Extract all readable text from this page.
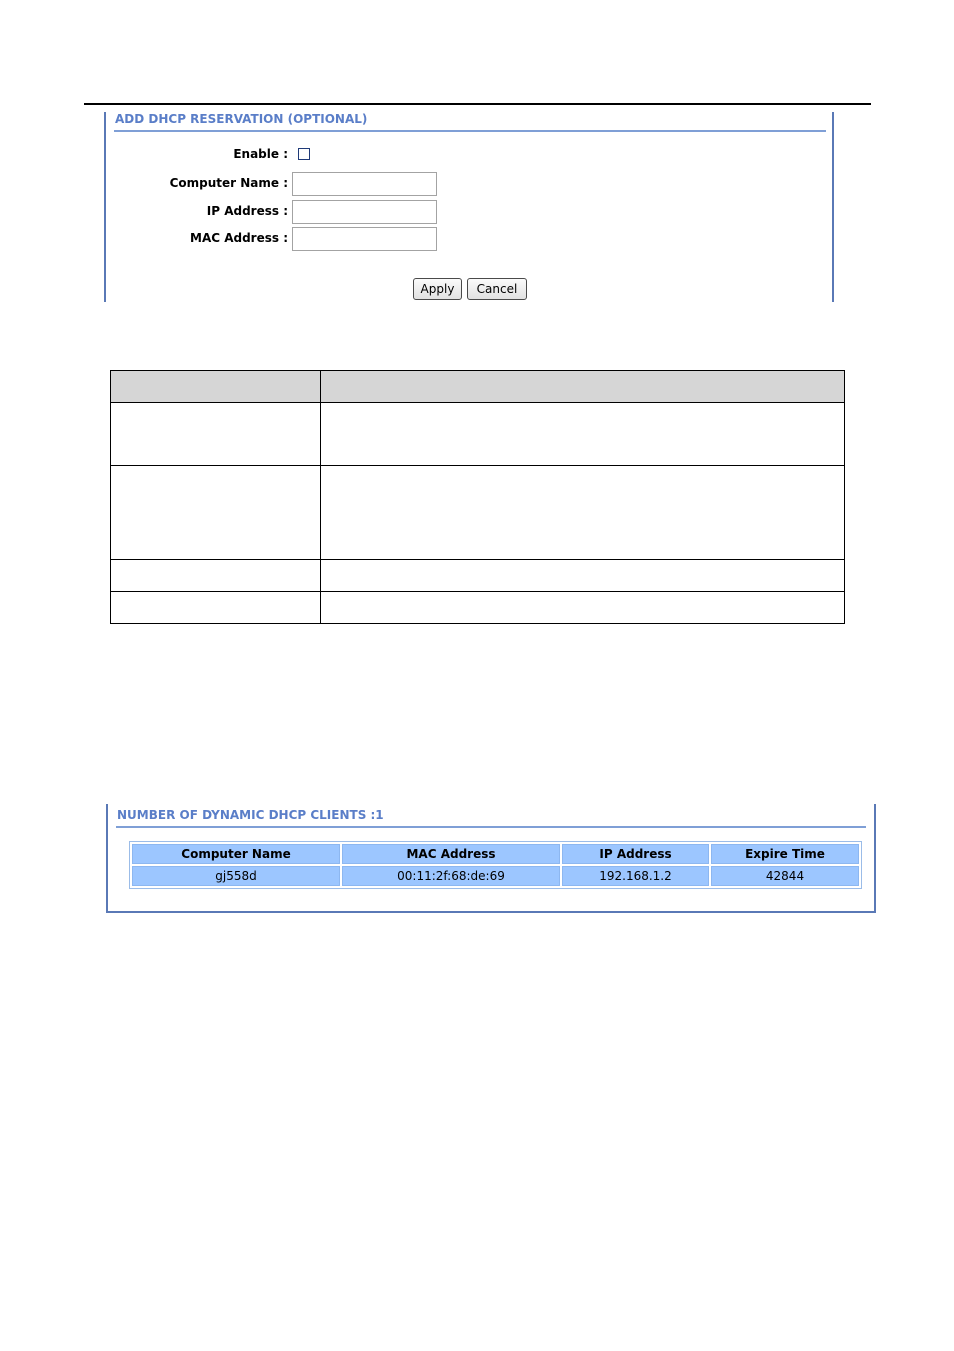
ADD DHCP RESERVATION (OPTIONAL)
Enable :
Computer Name :
IP Address :
MAC Address :
Apply	Cancel

NUMBER OF DYNAMIC DHCP CLIENTS :1
Computer Name	MAC Address	IP Address	Expire Time
gj558d	00:11:2f:68:de:69	192.168.1.2	42844
